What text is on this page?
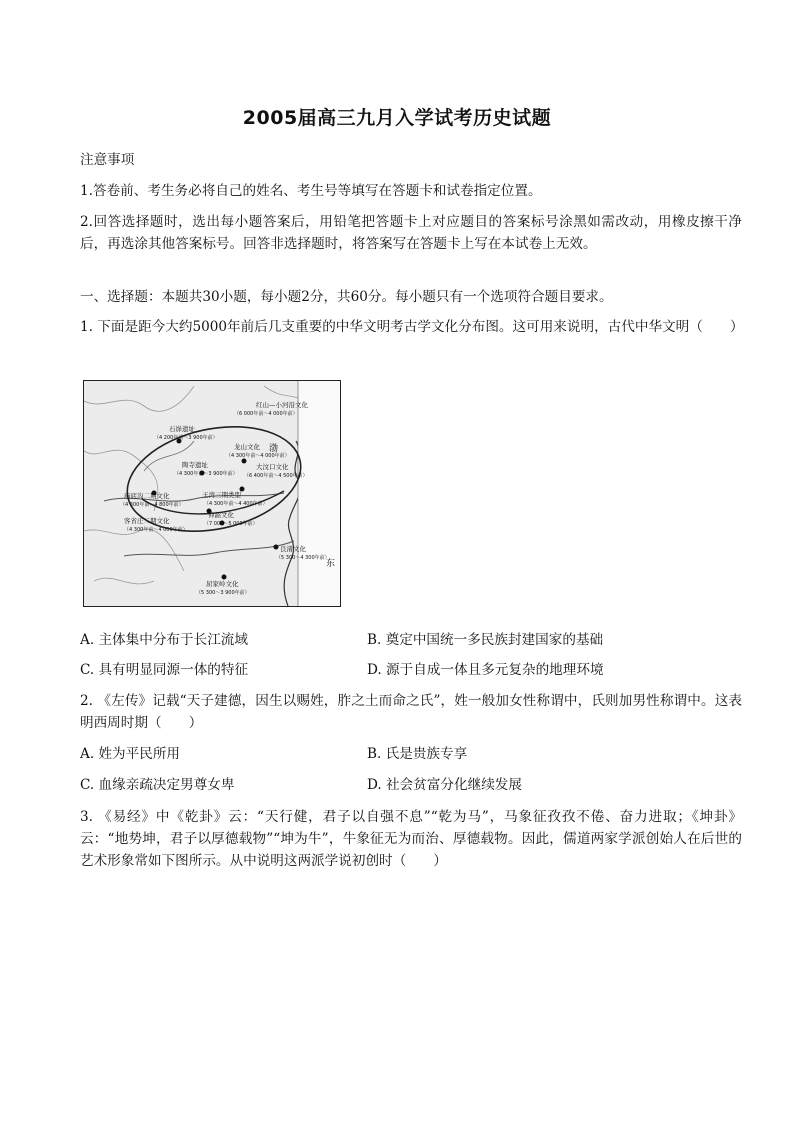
2005届高三九月入学试考历史试题
注意事项
1.答卷前、考生务必将自己的姓名、考生号等填写在答题卡和试卷指定位置。
2.回答选择题时，选出每小题答案后，用铅笔把答题卡上对应题目的答案标号涂黑如需改动，用橡皮擦干净后，再选涂其他答案标号。回答非选择题时，将答案写在答题卡上写在本试卷上无效。
一、选择题：本题共30小题，每小题2分，共60分。每小题只有一个选项符合题目要求。
1. 下面是距今大约5000年前后几支重要的中华文明考古学文化分布图。这可用来说明，古代中华文明（　　）
红山—小河沿文化
（6 000年前～4 000年前）
石峁遗址
（4 200年前～3 900年前）
龙山文化
（4 300年前～4 000年前）
陶寺遗址
（4 300年前～3 900年前）
大汶口文化
（6 400年前～4 500年前）
庙底沟二期文化
（4 300年前～4 800年前）
王湾三期类型
（4 300年前～4 400年前）
仰韶文化
（7 000～5 000年前）
客省庄二期文化
（4 300年前～4 000年前）
良渚文化
（5 300～4 300年前）
屈家岭文化
（5 300～3 900年前）
渤
东
A. 主体集中分布于长江流域	B. 奠定中国统一多民族封建国家的基础
C. 具有明显同源一体的特征	D. 源于自成一体且多元复杂的地理环境
2. 《左传》记载“天子建德，因生以赐姓，胙之土而命之氏”，姓一般加女性称谓中，氏则加男性称谓中。这表明西周时期（　　）
A. 姓为平民所用	B. 氏是贵族专享
C. 血缘亲疏决定男尊女卑	D. 社会贫富分化继续发展
3. 《易经》中《乾卦》云：“天行健，君子以自强不息”“乾为马”，马象征孜孜不倦、奋力进取；《坤卦》云：“地势坤，君子以厚德载物”“坤为牛”，牛象征无为而治、厚德载物。因此，儒道两家学派创始人在后世的艺术形象常如下图所示。从中说明这两派学说初创时（　　）
